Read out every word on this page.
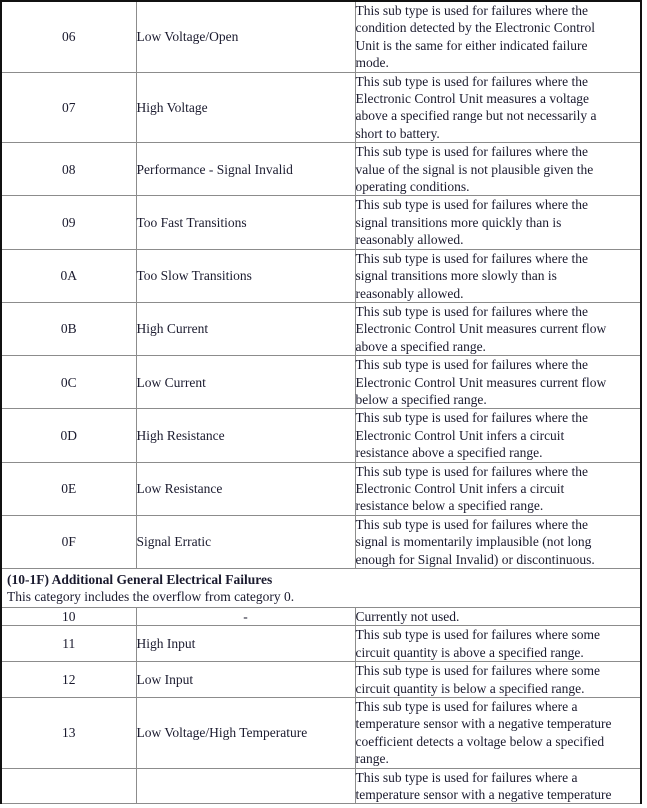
06	Low Voltage/Open	This sub type is used for failures where the
condition detected by the Electronic Control
Unit is the same for either indicated failure
mode.

07	High Voltage	This sub type is used for failures where the
Electronic Control Unit measures a voltage
above a specified range but not necessarily a
short to battery.

08	Performance - Signal Invalid	This sub type is used for failures where the
value of the signal is not plausible given the
operating conditions.

09	Too Fast Transitions	This sub type is used for failures where the
signal transitions more quickly than is
reasonably allowed.

0A	Too Slow Transitions	This sub type is used for failures where the
signal transitions more slowly than is
reasonably allowed.

0B	High Current	This sub type is used for failures where the
Electronic Control Unit measures current flow
above a specified range.

0C	Low Current	This sub type is used for failures where the
Electronic Control Unit measures current flow
below a specified range.

0D	High Resistance	This sub type is used for failures where the
Electronic Control Unit infers a circuit
resistance above a specified range.

0E	Low Resistance	This sub type is used for failures where the
Electronic Control Unit infers a circuit
resistance below a specified range.

0F	Signal Erratic	This sub type is used for failures where the
signal is momentarily implausible (not long
enough for Signal Invalid) or discontinuous.

(10-1F) Additional General Electrical Failures
This category includes the overflow from category 0.		

10	-	Currently not used.

11	High Input	This sub type is used for failures where some
circuit quantity is above a specified range.

12	Low Input	This sub type is used for failures where some
circuit quantity is below a specified range.

13	Low Voltage/High Temperature	This sub type is used for failures where a
temperature sensor with a negative temperature
coefficient detects a voltage below a specified
range.

		This sub type is used for failures where a
temperature sensor with a negative temperature
